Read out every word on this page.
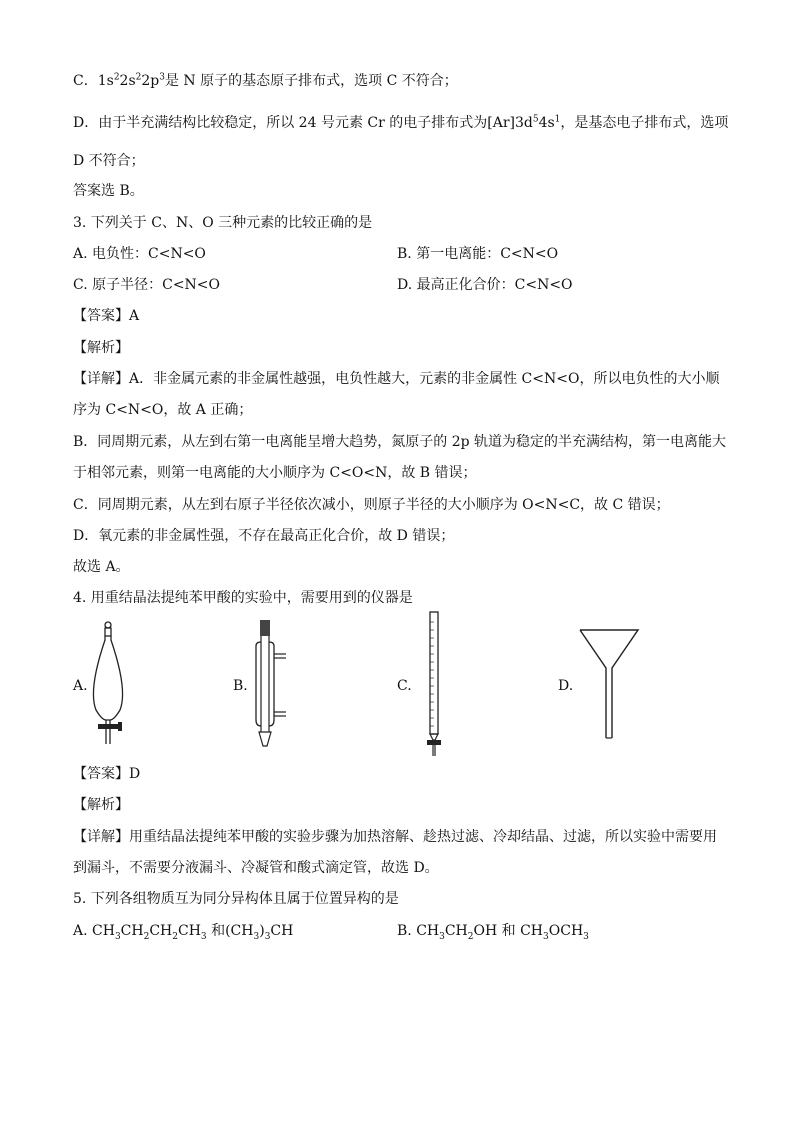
C．$1s^22s^22p^3$是 N 原子的基态原子排布式，选项 C 不符合；
D．由于半充满结构比较稳定，所以 24 号元素 Cr 的电子排布式为$[Ar]3d^54s^1$，是基态电子排布式，选项
D 不符合；
答案选 B。
3. 下列关于 C、N、O 三种元素的比较正确的是
A. 电负性：C<N<O	B. 第一电离能：C<N<O
C. 原子半径：C<N<O	D. 最高正化合价：C<N<O
【答案】A
【解析】
【详解】A．非金属元素的非金属性越强，电负性越大，元素的非金属性 C<N<O，所以电负性的大小顺
序为 C<N<O，故 A 正确；
B．同周期元素，从左到右第一电离能呈增大趋势，氮原子的 2p 轨道为稳定的半充满结构，第一电离能大
于相邻元素，则第一电离能的大小顺序为 C<O<N，故 B 错误；
C．同周期元素，从左到右原子半径依次减小，则原子半径的大小顺序为 O<N<C，故 C 错误；
D．氧元素的非金属性强，不存在最高正化合价，故 D 错误；
故选 A。
4. 用重结晶法提纯苯甲酸的实验中，需要用到的仪器是
A.	B.	C.	D.
【答案】D
【解析】
【详解】用重结晶法提纯苯甲酸的实验步骤为加热溶解、趁热过滤、冷却结晶、过滤，所以实验中需要用
到漏斗，不需要分液漏斗、冷凝管和酸式滴定管，故选 D。
5. 下列各组物质互为同分异构体且属于位置异构的是
A. $CH_3CH_2CH_2CH_3$ 和$(CH_3)_3CH$	B. $CH_3CH_2OH$ 和 $CH_3OCH_3$
